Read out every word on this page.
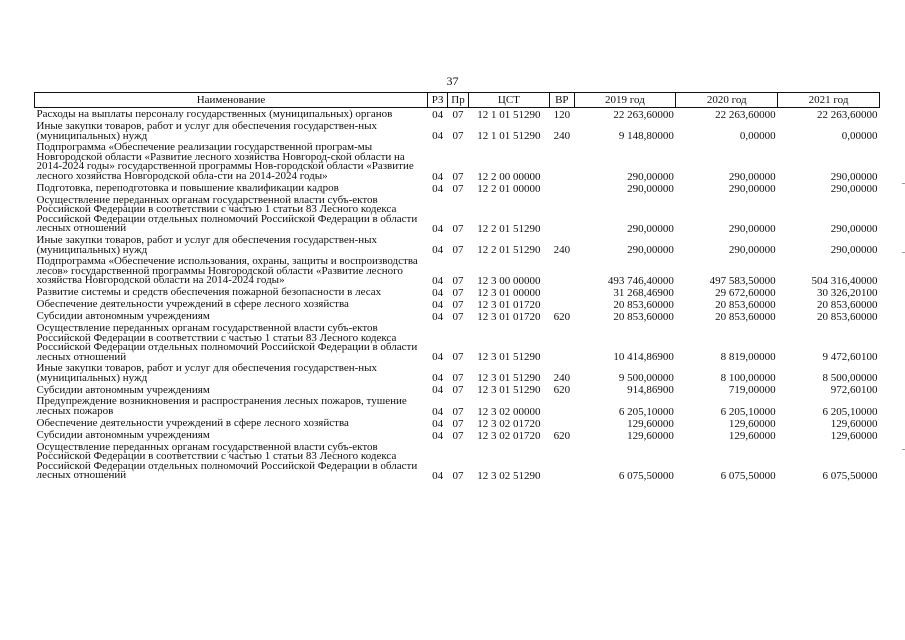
37
Наименование	РЗ	Пр	ЦСТ	ВР	2019 год	2020 год	2021 год
Расходы на выплаты персоналу государственных (муниципальных) органов	04	07	12 1 01 51290	120	22 263,60000	22 263,60000	22 263,60000
Иные закупки товаров, работ и услуг для обеспечения государствен-ных (муниципальных) нужд	04	07	12 1 01 51290	240	9 148,80000	0,00000	0,00000
Подпрограмма «Обеспечение реализации государственной програм-мы Новгородской области «Развитие лесного хозяйства Новгород-ской области на 2014-2024 годы» государственной программы Нов-городской области «Развитие лесного хозяйства Новгородской обла-сти на 2014-2024 годы»	04	07	12 2 00 00000		290,00000	290,00000	290,00000
Подготовка, переподготовка и повышение квалификации кадров	04	07	12 2 01 00000		290,00000	290,00000	290,00000
Осуществление переданных органам государственной власти субъ-ектов Российской Федерации в соответствии с частью 1 статьи 83 Лесного кодекса Российской Федерации отдельных полномочий Российской Федерации в области лесных отношений	04	07	12 2 01 51290		290,00000	290,00000	290,00000
Иные закупки товаров, работ и услуг для обеспечения государствен-ных (муниципальных) нужд	04	07	12 2 01 51290	240	290,00000	290,00000	290,00000
Подпрограмма «Обеспечение использования, охраны, защиты и воспроизводства лесов» государственной программы Новгородской области «Развитие лесного хозяйства Новгородской области на 2014-2024 годы»	04	07	12 3 00 00000		493 746,40000	497 583,50000	504 316,40000
Развитие системы и средств обеспечения пожарной безопасности в лесах	04	07	12 3 01 00000		31 268,46900	29 672,60000	30 326,20100
Обеспечение деятельности учреждений в сфере лесного хозяйства	04	07	12 3 01 01720		20 853,60000	20 853,60000	20 853,60000
Субсидии автономным учреждениям	04	07	12 3 01 01720	620	20 853,60000	20 853,60000	20 853,60000
Осуществление переданных органам государственной власти субъ-ектов Российской Федерации в соответствии с частью 1 статьи 83 Лесного кодекса Российской Федерации отдельных полномочий Российской Федерации в области лесных отношений	04	07	12 3 01 51290		10 414,86900	8 819,00000	9 472,60100
Иные закупки товаров, работ и услуг для обеспечения государствен-ных (муниципальных) нужд	04	07	12 3 01 51290	240	9 500,00000	8 100,00000	8 500,00000
Субсидии автономным учреждениям	04	07	12 3 01 51290	620	914,86900	719,00000	972,60100
Предупреждение возникновения и распространения лесных пожаров, тушение лесных пожаров	04	07	12 3 02 00000		6 205,10000	6 205,10000	6 205,10000
Обеспечение деятельности учреждений в сфере лесного хозяйства	04	07	12 3 02 01720		129,60000	129,60000	129,60000
Субсидии автономным учреждениям	04	07	12 3 02 01720	620	129,60000	129,60000	129,60000
Осуществление переданных органам государственной власти субъ-ектов Российской Федерации в соответствии с частью 1 статьи 83 Лесного кодекса Российской Федерации отдельных полномочий Российской Федерации в области лесных отношений	04	07	12 3 02 51290		6 075,50000	6 075,50000	6 075,50000
